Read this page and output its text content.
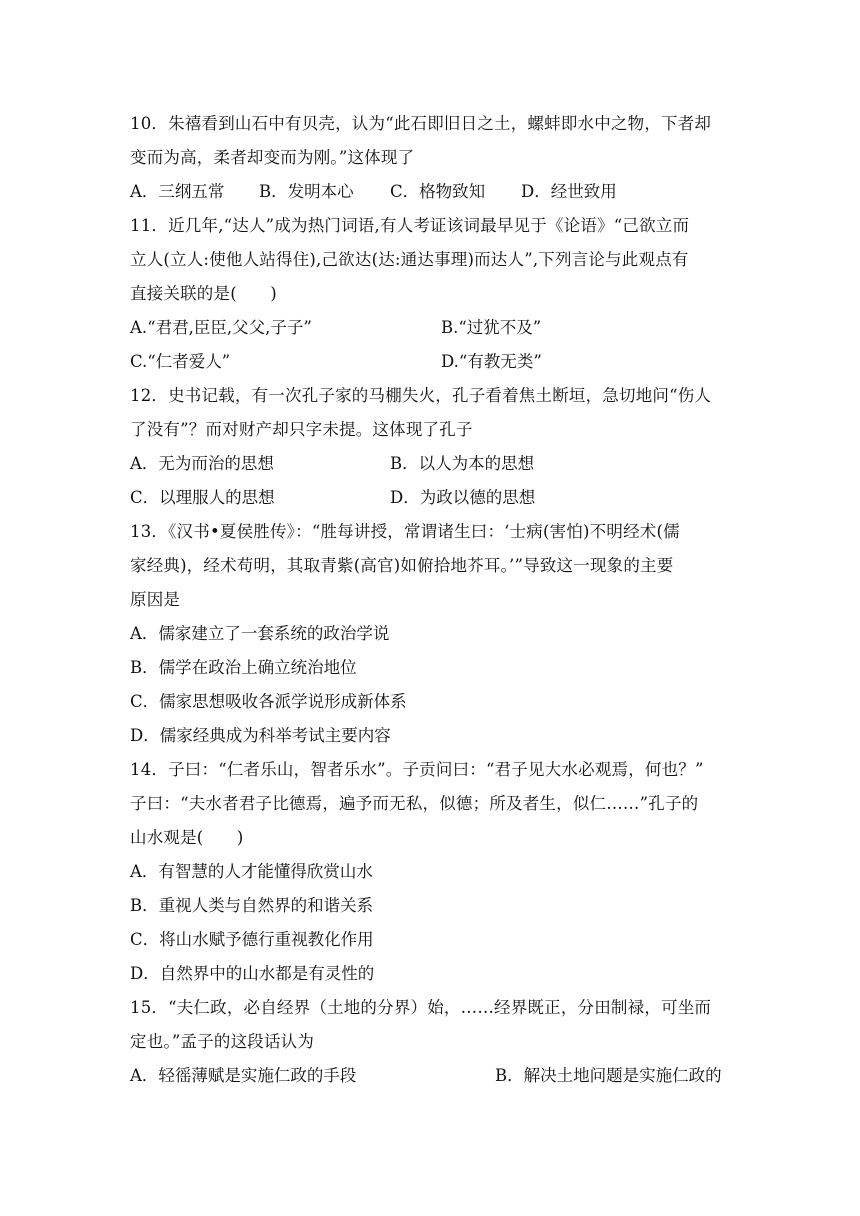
10．朱禧看到山石中有贝壳，认为“此石即旧日之土，螺蚌即水中之物，下者却
变而为高，柔者却变而为刚。”这体现了
A．三纲五常 B．发明本心 C．格物致知 D．经世致用
11．近几年,“达人”成为热门词语,有人考证该词最早见于《论语》“己欲立而
立人(立人:使他人站得住),己欲达(达:通达事理)而达人”,下列言论与此观点有
直接关联的是(　　)
A.“君君,臣臣,父父,子子”	B.“过犹不及”
C.“仁者爱人”	D.“有教无类”
12．史书记载，有一次孔子家的马棚失火，孔子看着焦土断垣，急切地问“伤人
了没有”？而对财产却只字未提。这体现了孔子
A．无为而治的思想	B．以人为本的思想
C．以理服人的思想	D．为政以德的思想
13．《汉书•夏侯胜传》：“胜每讲授，常谓诸生曰：‘士病(害怕)不明经术(儒
家经典)，经术苟明，其取青紫(高官)如俯拾地芥耳。’”导致这一现象的主要
原因是
A．儒家建立了一套系统的政治学说
B．儒学在政治上确立统治地位
C．儒家思想吸收各派学说形成新体系
D．儒家经典成为科举考试主要内容
14．子曰：“仁者乐山，智者乐水”。子贡问曰：“君子见大水必观焉，何也？”
子曰：“夫水者君子比德焉，遍予而无私，似德；所及者生，似仁……”孔子的
山水观是(　　)
A．有智慧的人才能懂得欣赏山水
B．重视人类与自然界的和谐关系
C．将山水赋予德行重视教化作用
D．自然界中的山水都是有灵性的
15．“夫仁政，必自经界（土地的分界）始，……经界既正，分田制禄，可坐而
定也。”孟子的这段话认为
A．轻徭薄赋是实施仁政的手段	B．解决土地问题是实施仁政的
